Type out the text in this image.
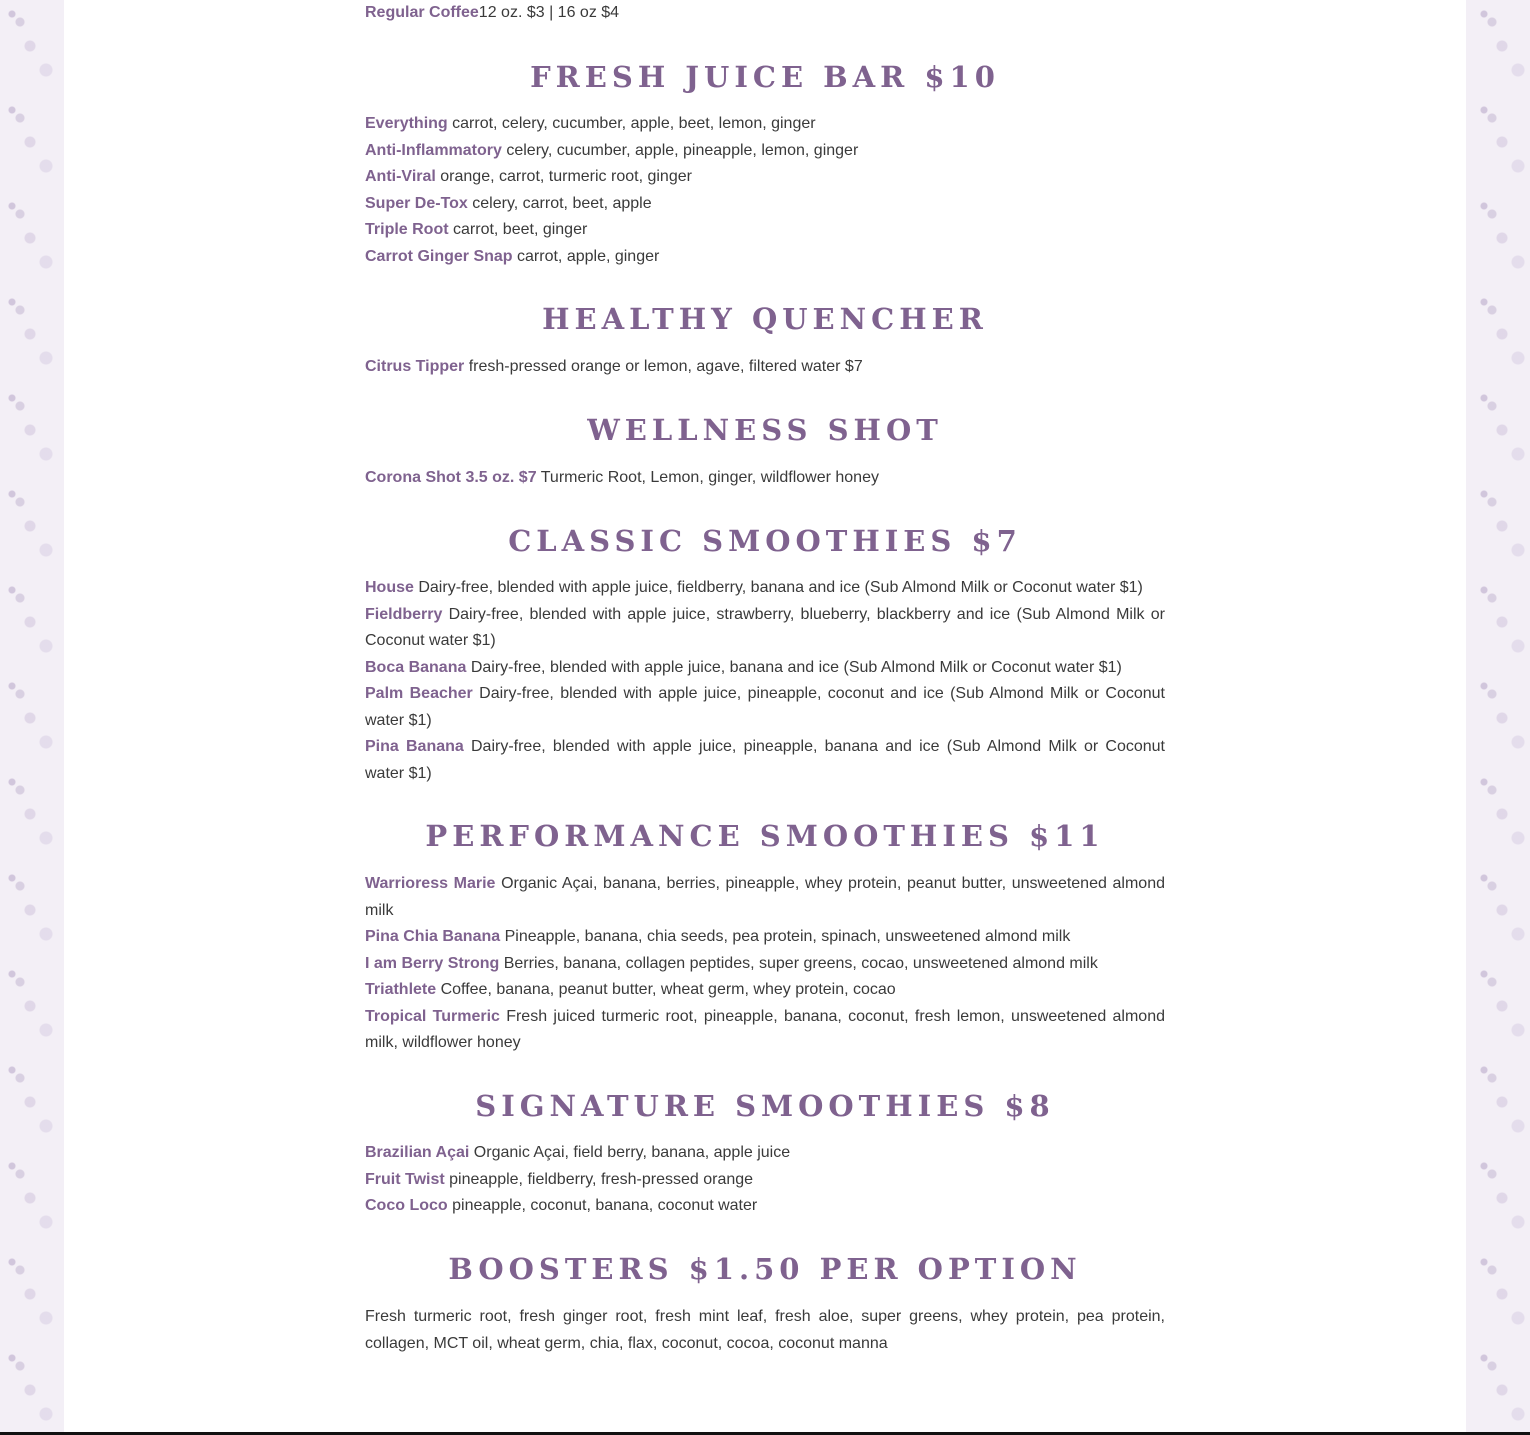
Regular Coffee12 oz. $3 | 16 oz $4

FRESH JUICE BAR $10

Everything carrot, celery, cucumber, apple, beet, lemon, ginger

Anti-Inflammatory celery, cucumber, apple, pineapple, lemon, ginger

Anti-Viral orange, carrot, turmeric root, ginger

Super De-Tox celery, carrot, beet, apple

Triple Root carrot, beet, ginger

Carrot Ginger Snap carrot, apple, ginger

HEALTHY QUENCHER

Citrus Tipper fresh-pressed orange or lemon, agave, filtered water $7

WELLNESS SHOT

Corona Shot 3.5 oz. $7 Turmeric Root, Lemon, ginger, wildflower honey

CLASSIC SMOOTHIES $7

House Dairy-free, blended with apple juice, fieldberry, banana and ice (Sub Almond Milk or Coconut water $1)

Fieldberry Dairy-free, blended with apple juice, strawberry, blueberry, blackberry and ice (Sub Almond Milk or Coconut water $1)

Boca Banana Dairy-free, blended with apple juice, banana and ice (Sub Almond Milk or Coconut water $1)

Palm Beacher Dairy-free, blended with apple juice, pineapple, coconut and ice (Sub Almond Milk or Coconut water $1)

Pina Banana Dairy-free, blended with apple juice, pineapple, banana and ice (Sub Almond Milk or Coconut water $1)

PERFORMANCE SMOOTHIES $11

Warrioress Marie Organic Açai, banana, berries, pineapple, whey protein, peanut butter, unsweetened almond milk

Pina Chia Banana Pineapple, banana, chia seeds, pea protein, spinach, unsweetened almond milk

I am Berry Strong Berries, banana, collagen peptides, super greens, cocao, unsweetened almond milk

Triathlete Coffee, banana, peanut butter, wheat germ, whey protein, cocao

Tropical Turmeric Fresh juiced turmeric root, pineapple, banana, coconut, fresh lemon, unsweetened almond milk, wildflower honey

SIGNATURE SMOOTHIES $8

Brazilian Açai Organic Açai, field berry, banana, apple juice

Fruit Twist pineapple, fieldberry, fresh-pressed orange

Coco Loco pineapple, coconut, banana, coconut water

BOOSTERS $1.50 PER OPTION

Fresh turmeric root, fresh ginger root, fresh mint leaf, fresh aloe, super greens, whey protein, pea protein, collagen, MCT oil, wheat germ, chia, flax, coconut, cocoa, coconut manna
